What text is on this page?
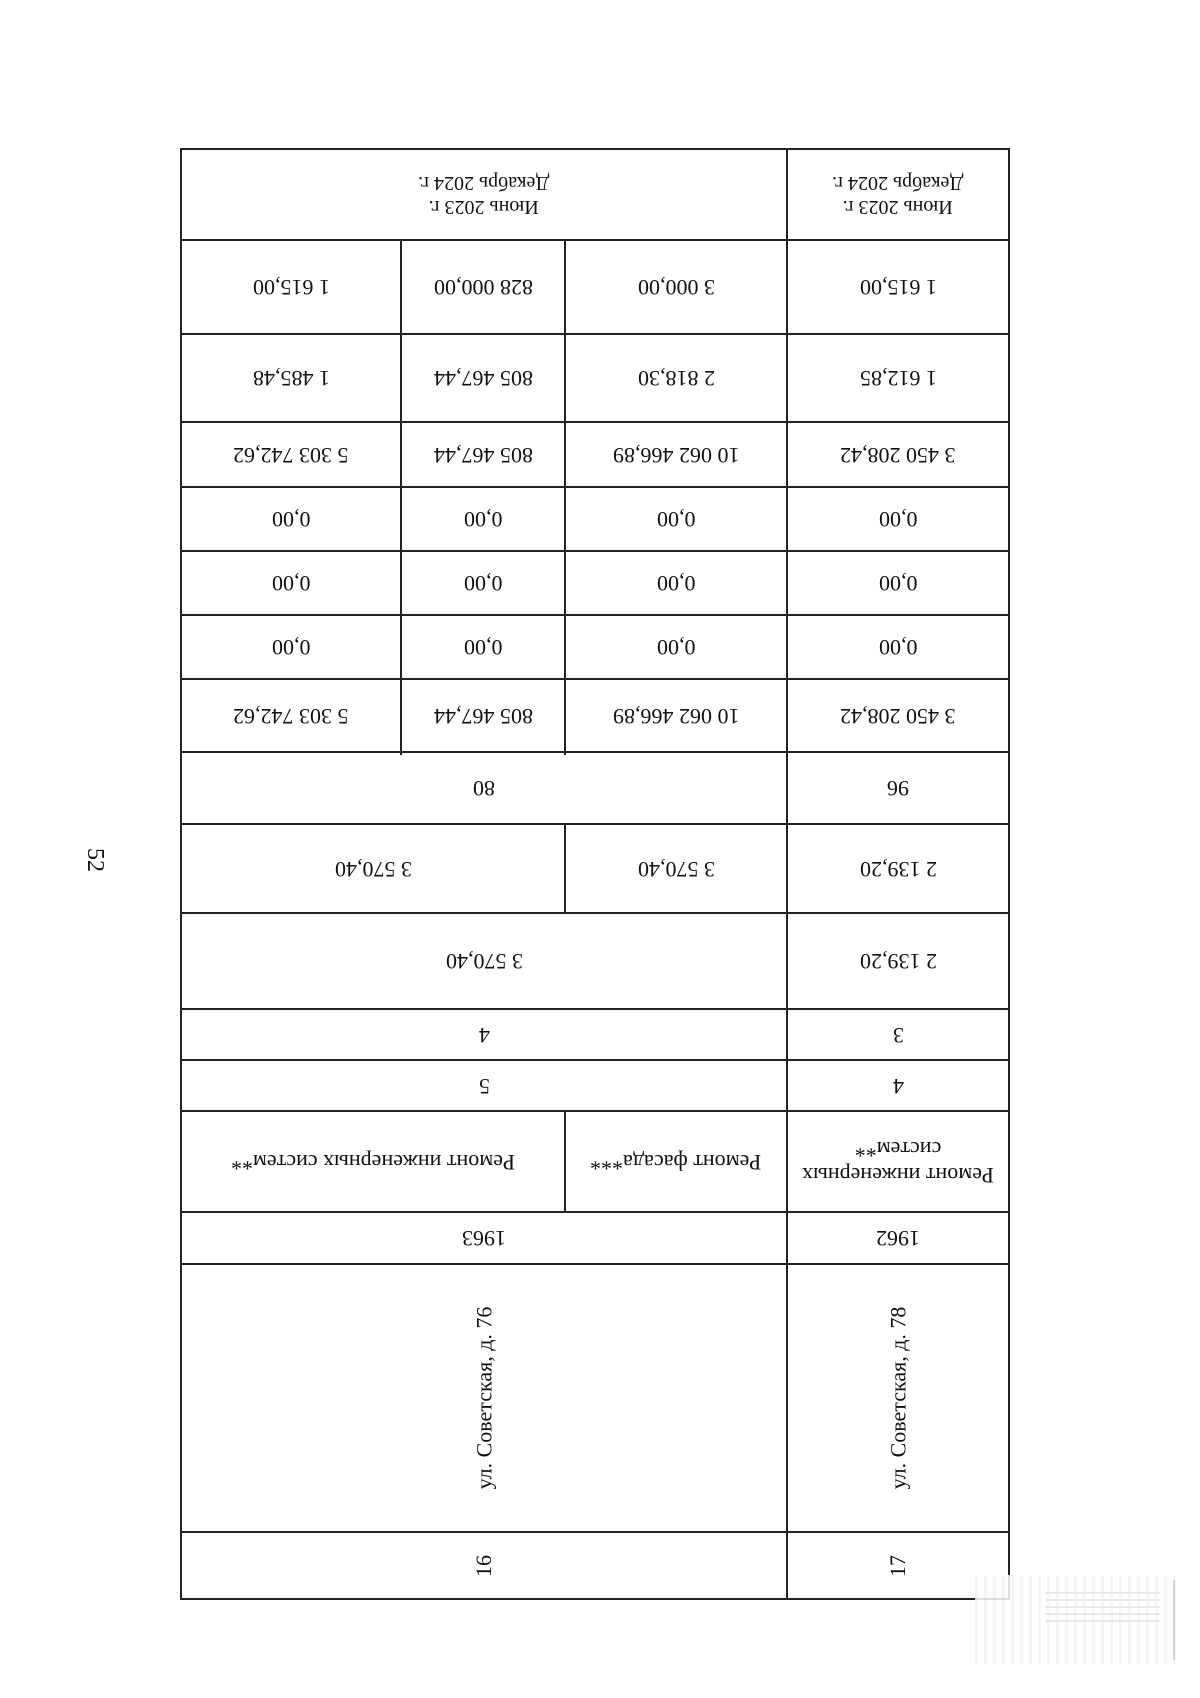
52
Июнь 2023 г.
Декабрь 2024 г.
1 615,00
1 612,85
3 450 208,42
0,00
0,00
0,00
3 450 208,42
96
2 139,20
2 139,20
3
4
Ремонт инженерных систем**
1962
ул. Советская, д. 78
17
Июнь 2023 г.
Декабрь 2024 г.
3 000,00
2 818,30
10 062 466,89
0,00
0,00
0,00
10 062 466,89
3 570,40
Ремонт фасада***
828 000,00
805 467,44
805 467,44
0,00
0,00
0,00
805 467,44
1 615,00
1 485,48
5 303 742,62
0,00
0,00
0,00
5 303 742,62
3 570,40
Ремонт инженерных систем**
80
3 570,40
4
5
1963
ул. Советская, д. 76
16
